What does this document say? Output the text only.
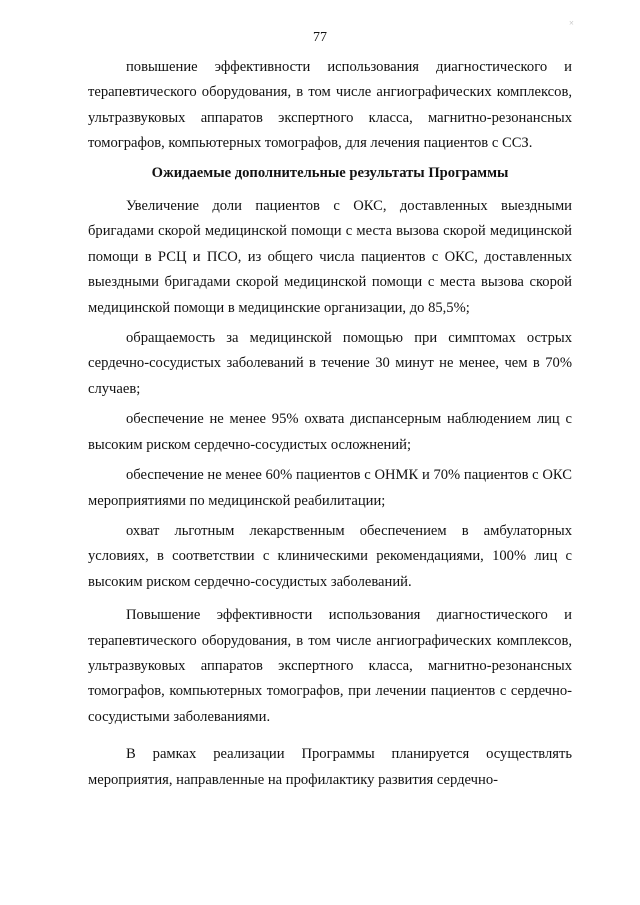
×
77

повышение эффективности использования диагностического и терапевтического оборудования, в том числе ангиографических комплексов, ультразвуковых аппаратов экспертного класса, магнитно-резонансных томографов, компьютерных томографов, для лечения пациентов с ССЗ.

Ожидаемые дополнительные результаты Программы

Увеличение доли пациентов с ОКС, доставленных выездными бригадами скорой медицинской помощи с места вызова скорой медицинской помощи в РСЦ и ПСО, из общего числа пациентов с ОКС, доставленных выездными бригадами скорой медицинской помощи с места вызова скорой медицинской помощи в медицинские организации, до 85,5%;

обращаемость за медицинской помощью при симптомах острых сердечно-сосудистых заболеваний в течение 30 минут не менее, чем в 70% случаев;

обеспечение не менее 95% охвата диспансерным наблюдением лиц с высоким риском сердечно-сосудистых осложнений;

обеспечение не менее 60% пациентов с ОНМК и 70% пациентов с ОКС мероприятиями по медицинской реабилитации;

охват льготным лекарственным обеспечением в амбулаторных условиях, в соответствии с клиническими рекомендациями, 100% лиц с высоким риском сердечно-сосудистых заболеваний.

Повышение эффективности использования диагностического и терапевтического оборудования, в том числе ангиографических комплексов, ультразвуковых аппаратов экспертного класса, магнитно-резонансных томографов, компьютерных томографов, при лечении пациентов с сердечно-сосудистыми заболеваниями.

В рамках реализации Программы планируется осуществлять мероприятия, направленные на профилактику развития сердечно-
